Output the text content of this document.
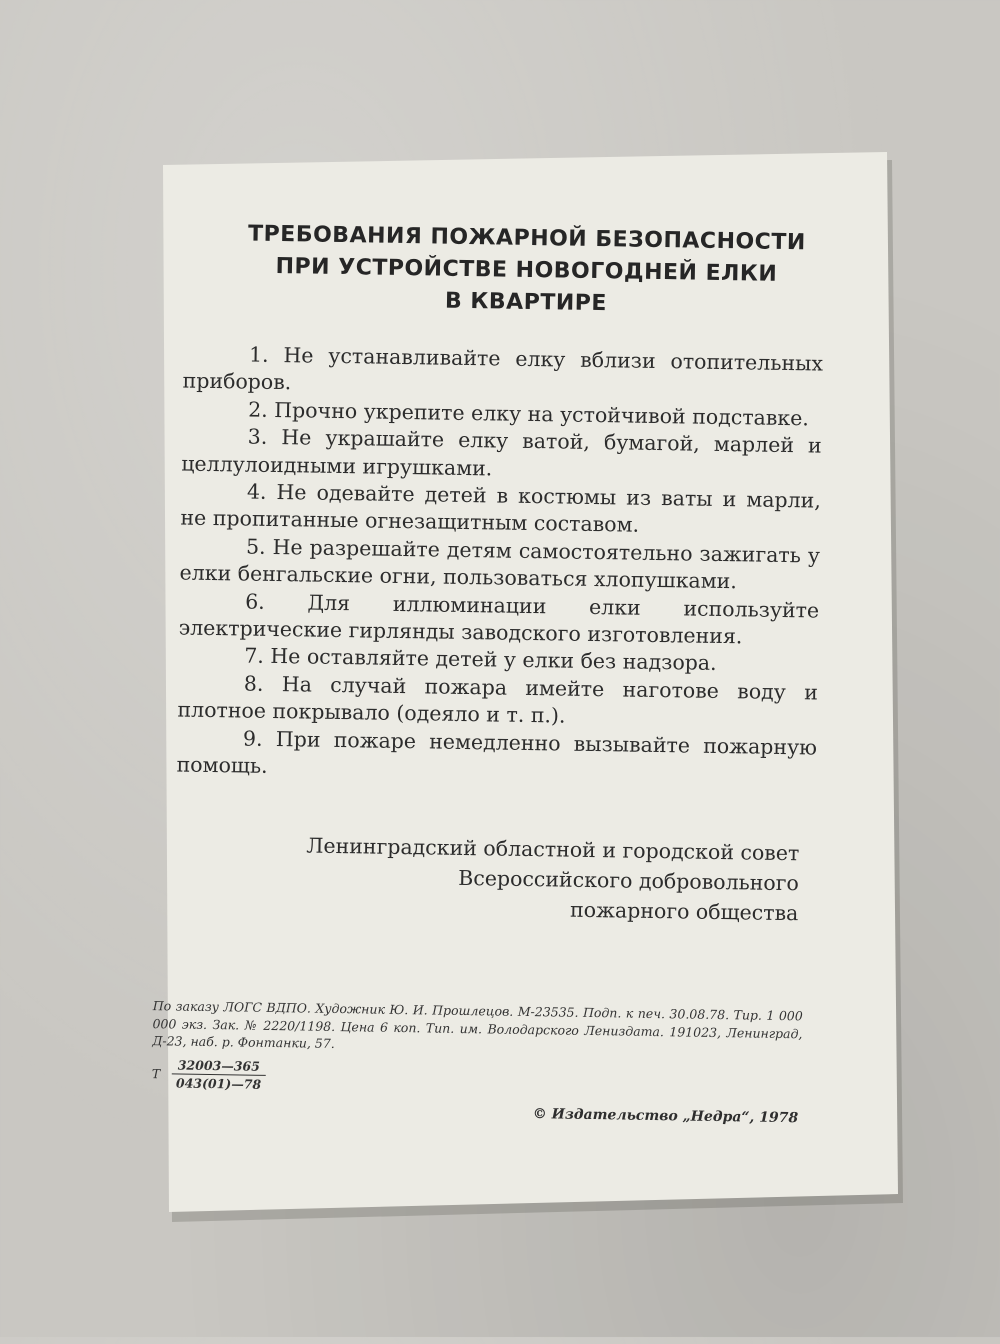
ТРЕБОВАНИЯ ПОЖАРНОЙ БЕЗОПАСНОСТИ
ПРИ УСТРОЙСТВЕ НОВОГОДНЕЙ ЕЛКИ
В КВАРТИРЕ
1. Не устанавливайте елку вблизи отопительных приборов.
2. Прочно укрепите елку на устойчивой подставке.
3. Не украшайте елку ватой, бумагой, марлей и целлулоидными игрушками.
4. Не одевайте детей в костюмы из ваты и марли, не пропитанные огнезащитным составом.
5. Не разрешайте детям самостоятельно зажигать у елки бенгальские огни, пользоваться хлопушками.
6. Для иллюминации елки используйте электрические гирлянды заводского изготовления.
7. Не оставляйте детей у елки без надзора.
8. На случай пожара имейте наготове воду и плотное покрывало (одеяло и т. п.).
9. При пожаре немедленно вызывайте пожарную помощь.
Ленинградский областной и городской совет
Всероссийского добровольного
пожарного общества
По заказу ЛОГС ВДПО. Художник Ю. И. Прошлецов. М-23535. Подп. к печ. 30.08.78. Тир. 1 000 000 экз. Зак. № 2220/1198. Цена 6 коп. Тип. им. Володарского Лениздата. 191023, Ленинград, Д-23, наб. р. Фонтанки, 57.
Т $\frac{32003—365}{043(01)—78}$
© Издательство „Недра“, 1978
